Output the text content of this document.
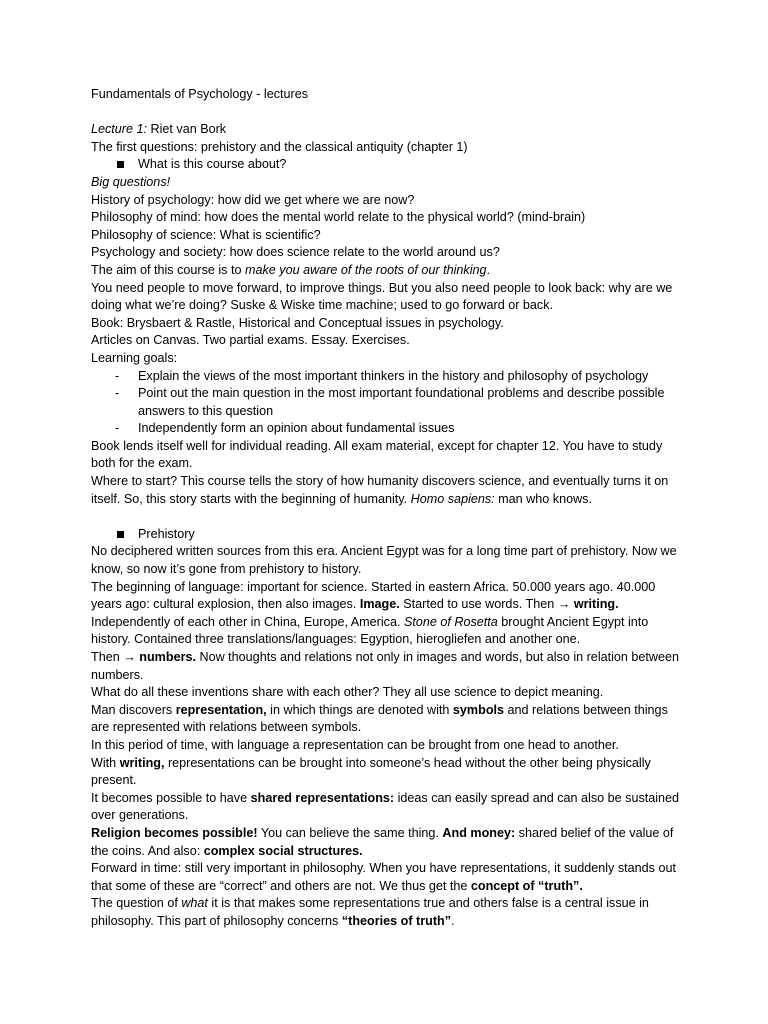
Fundamentals of Psychology - lectures

Lecture 1: Riet van Bork

The first questions: prehistory and the classical antiquity (chapter 1)

What is this course about?

Big questions!

History of psychology: how did we get where we are now?

Philosophy of mind: how does the mental world relate to the physical world? (mind-brain)

Philosophy of science: What is scientific?

Psychology and society: how does science relate to the world around us?

The aim of this course is to make you aware of the roots of our thinking.

You need people to move forward, to improve things. But you also need people to look back: why are we doing what we’re doing? Suske & Wiske time machine; used to go forward or back.

Book: Brysbaert & Rastle, Historical and Conceptual issues in psychology.

Articles on Canvas. Two partial exams. Essay. Exercises.

Learning goals:

-	Explain the views of the most important thinkers in the history and philosophy of psychology
-	Point out the main question in the most important foundational problems and describe possible answers to this question
-	Independently form an opinion about fundamental issues

Book lends itself well for individual reading. All exam material, except for chapter 12. You have to study both for the exam.

Where to start? This course tells the story of how humanity discovers science, and eventually turns it on itself. So, this story starts with the beginning of humanity. Homo sapiens: man who knows.

Prehistory

No deciphered written sources from this era. Ancient Egypt was for a long time part of prehistory. Now we know, so now it’s gone from prehistory to history.

The beginning of language: important for science. Started in eastern Africa. 50.000 years ago. 40.000 years ago: cultural explosion, then also images. Image. Started to use words. Then → writing.

Independently of each other in China, Europe, America. Stone of Rosetta brought Ancient Egypt into history. Contained three translations/languages: Egyption, hierogliefen and another one.

Then → numbers. Now thoughts and relations not only in images and words, but also in relation between numbers.

What do all these inventions share with each other? They all use science to depict meaning.

Man discovers representation, in which things are denoted with symbols and relations between things are represented with relations between symbols.

In this period of time, with language a representation can be brought from one head to another.

With writing, representations can be brought into someone’s head without the other being physically present.

It becomes possible to have shared representations: ideas can easily spread and can also be sustained over generations.

Religion becomes possible! You can believe the same thing. And money: shared belief of the value of the coins. And also: complex social structures.

Forward in time: still very important in philosophy. When you have representations, it suddenly stands out that some of these are “correct” and others are not. We thus get the concept of “truth”.

The question of what it is that makes some representations true and others false is a central issue in philosophy. This part of philosophy concerns “theories of truth”.
